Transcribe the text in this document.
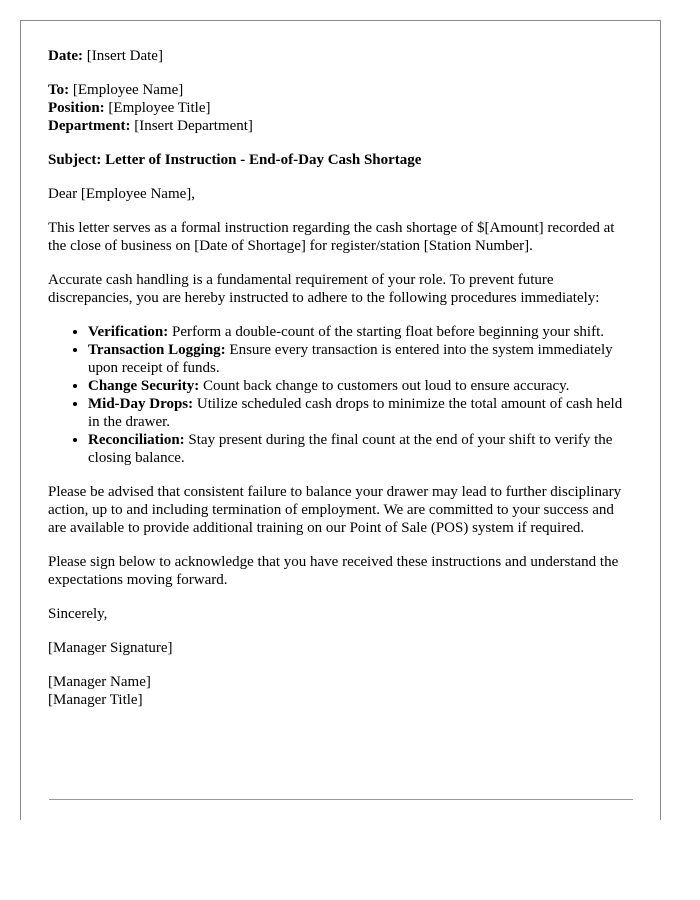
Date: [Insert Date]

To: [Employee Name]

Position: [Employee Title]

Department: [Insert Department]

Subject: Letter of Instruction - End-of-Day Cash Shortage

Dear [Employee Name],

This letter serves as a formal instruction regarding the cash shortage of $[Amount] recorded at the close of business on [Date of Shortage] for register/station [Station Number].

Accurate cash handling is a fundamental requirement of your role. To prevent future discrepancies, you are hereby instructed to adhere to the following procedures immediately:

• Verification: Perform a double-count of the starting float before beginning your shift.
• Transaction Logging: Ensure every transaction is entered into the system immediately upon receipt of funds.
• Change Security: Count back change to customers out loud to ensure accuracy.
• Mid-Day Drops: Utilize scheduled cash drops to minimize the total amount of cash held in the drawer.
• Reconciliation: Stay present during the final count at the end of your shift to verify the closing balance.

Please be advised that consistent failure to balance your drawer may lead to further disciplinary action, up to and including termination of employment. We are committed to your success and are available to provide additional training on our Point of Sale (POS) system if required.

Please sign below to acknowledge that you have received these instructions and understand the expectations moving forward.

Sincerely,

[Manager Signature]

[Manager Name]

[Manager Title]
